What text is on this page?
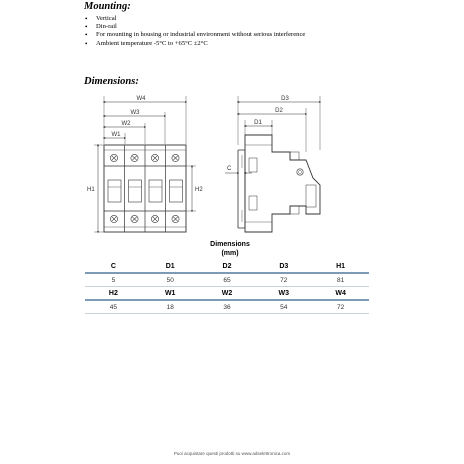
Mounting:
• Vertical
• Din-rail
• For mounting in housing or industrial environment without serious interference
• Ambient temperature -5°C to +65°C ±2°C
Dimensions:
W4
W3
W2
W1
H1	H2
D3
D2
D1
C
Dimensions
(mm)
C	D1	D2	D3	H1
5	50	65	72	81
H2	W1	W2	W3	W4
45	18	36	54	72
Puoi acquistare questi prodotti su www.adselettronica.com
